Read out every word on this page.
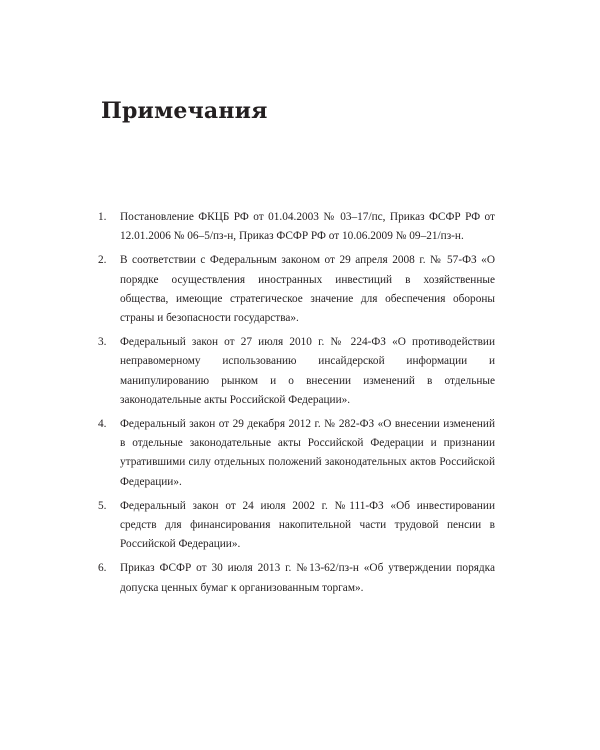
Примечания
1.	Постановление ФКЦБ РФ от 01.04.2003 № 03–17/пс, Приказ ФСФР РФ от 12.01.2006 № 06–5/пз-н, Приказ ФСФР РФ от 10.06.2009 № 09–21/пз-н.
2.	В соответствии с Федеральным законом от 29 апреля 2008 г. № 57-ФЗ «О порядке осуществления иностранных инвестиций в хозяйственные общества, имеющие стратегическое значение для обеспечения обороны страны и безопасности государства».
3.	Федеральный закон от 27 июля 2010 г. № 224-ФЗ «О противодействии неправомерному использованию инсайдерской информации и манипулированию рынком и о внесении изменений в отдельные законодательные акты Российской Федерации».
4.	Федеральный закон от 29 декабря 2012 г. № 282-ФЗ «О внесении изменений в отдельные законодательные акты Российской Федерации и признании утратившими силу отдельных положений законодательных актов Российской Федерации».
5.	Федеральный закон от 24 июля 2002 г. №111-ФЗ «Об инвестировании средств для финансирования накопительной части трудовой пенсии в Российской Федерации».
6.	Приказ ФСФР от 30 июля 2013 г. №13-62/пз-н «Об утверждении порядка допуска ценных бумаг к организованным торгам».
